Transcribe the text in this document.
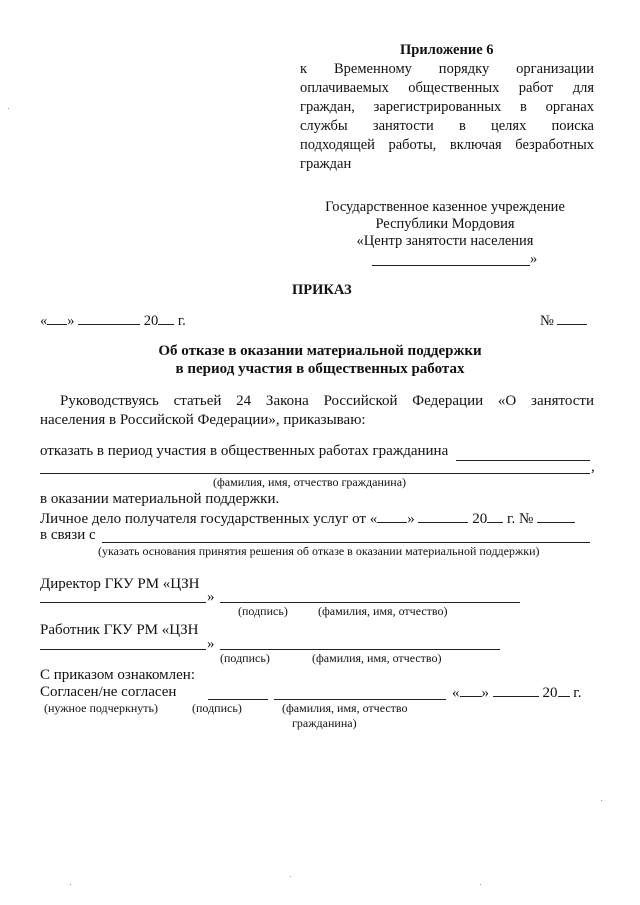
Приложение 6
к Временному порядку организации
оплачиваемых общественных работ для
граждан, зарегистрированных в органах
службы занятости в целях поиска
подходящей работы, включая безработных
граждан
Государственное казенное учреждение
Республики Мордовия
«Центр занятости населения
»
ПРИКАЗ
« »	20 г.	№
Об отказе в оказании материальной поддержки
в период участия в общественных работах
Руководствуясь статьей 24 Закона Российской Федерации «О занятости
населения в Российской Федерации», приказываю:
отказать в период участия в общественных работах гражданина
,
(фамилия, имя, отчество гражданина)
в оказании материальной поддержки.
Личное дело получателя государственных услуг от « »	20 г. №
в связи с
(указать основания принятия решения об отказе в оказании материальной поддержки)
Директор ГКУ РМ «ЦЗН
»
(подпись)	(фамилия, имя, отчество)
Работник ГКУ РМ «ЦЗН
»
(подпись)	(фамилия, имя, отчество)
С приказом ознакомлен:
Согласен/не согласен	« »	20 г.
(нужное подчеркнуть)	(подпись)	(фамилия, имя, отчество
гражданина)
